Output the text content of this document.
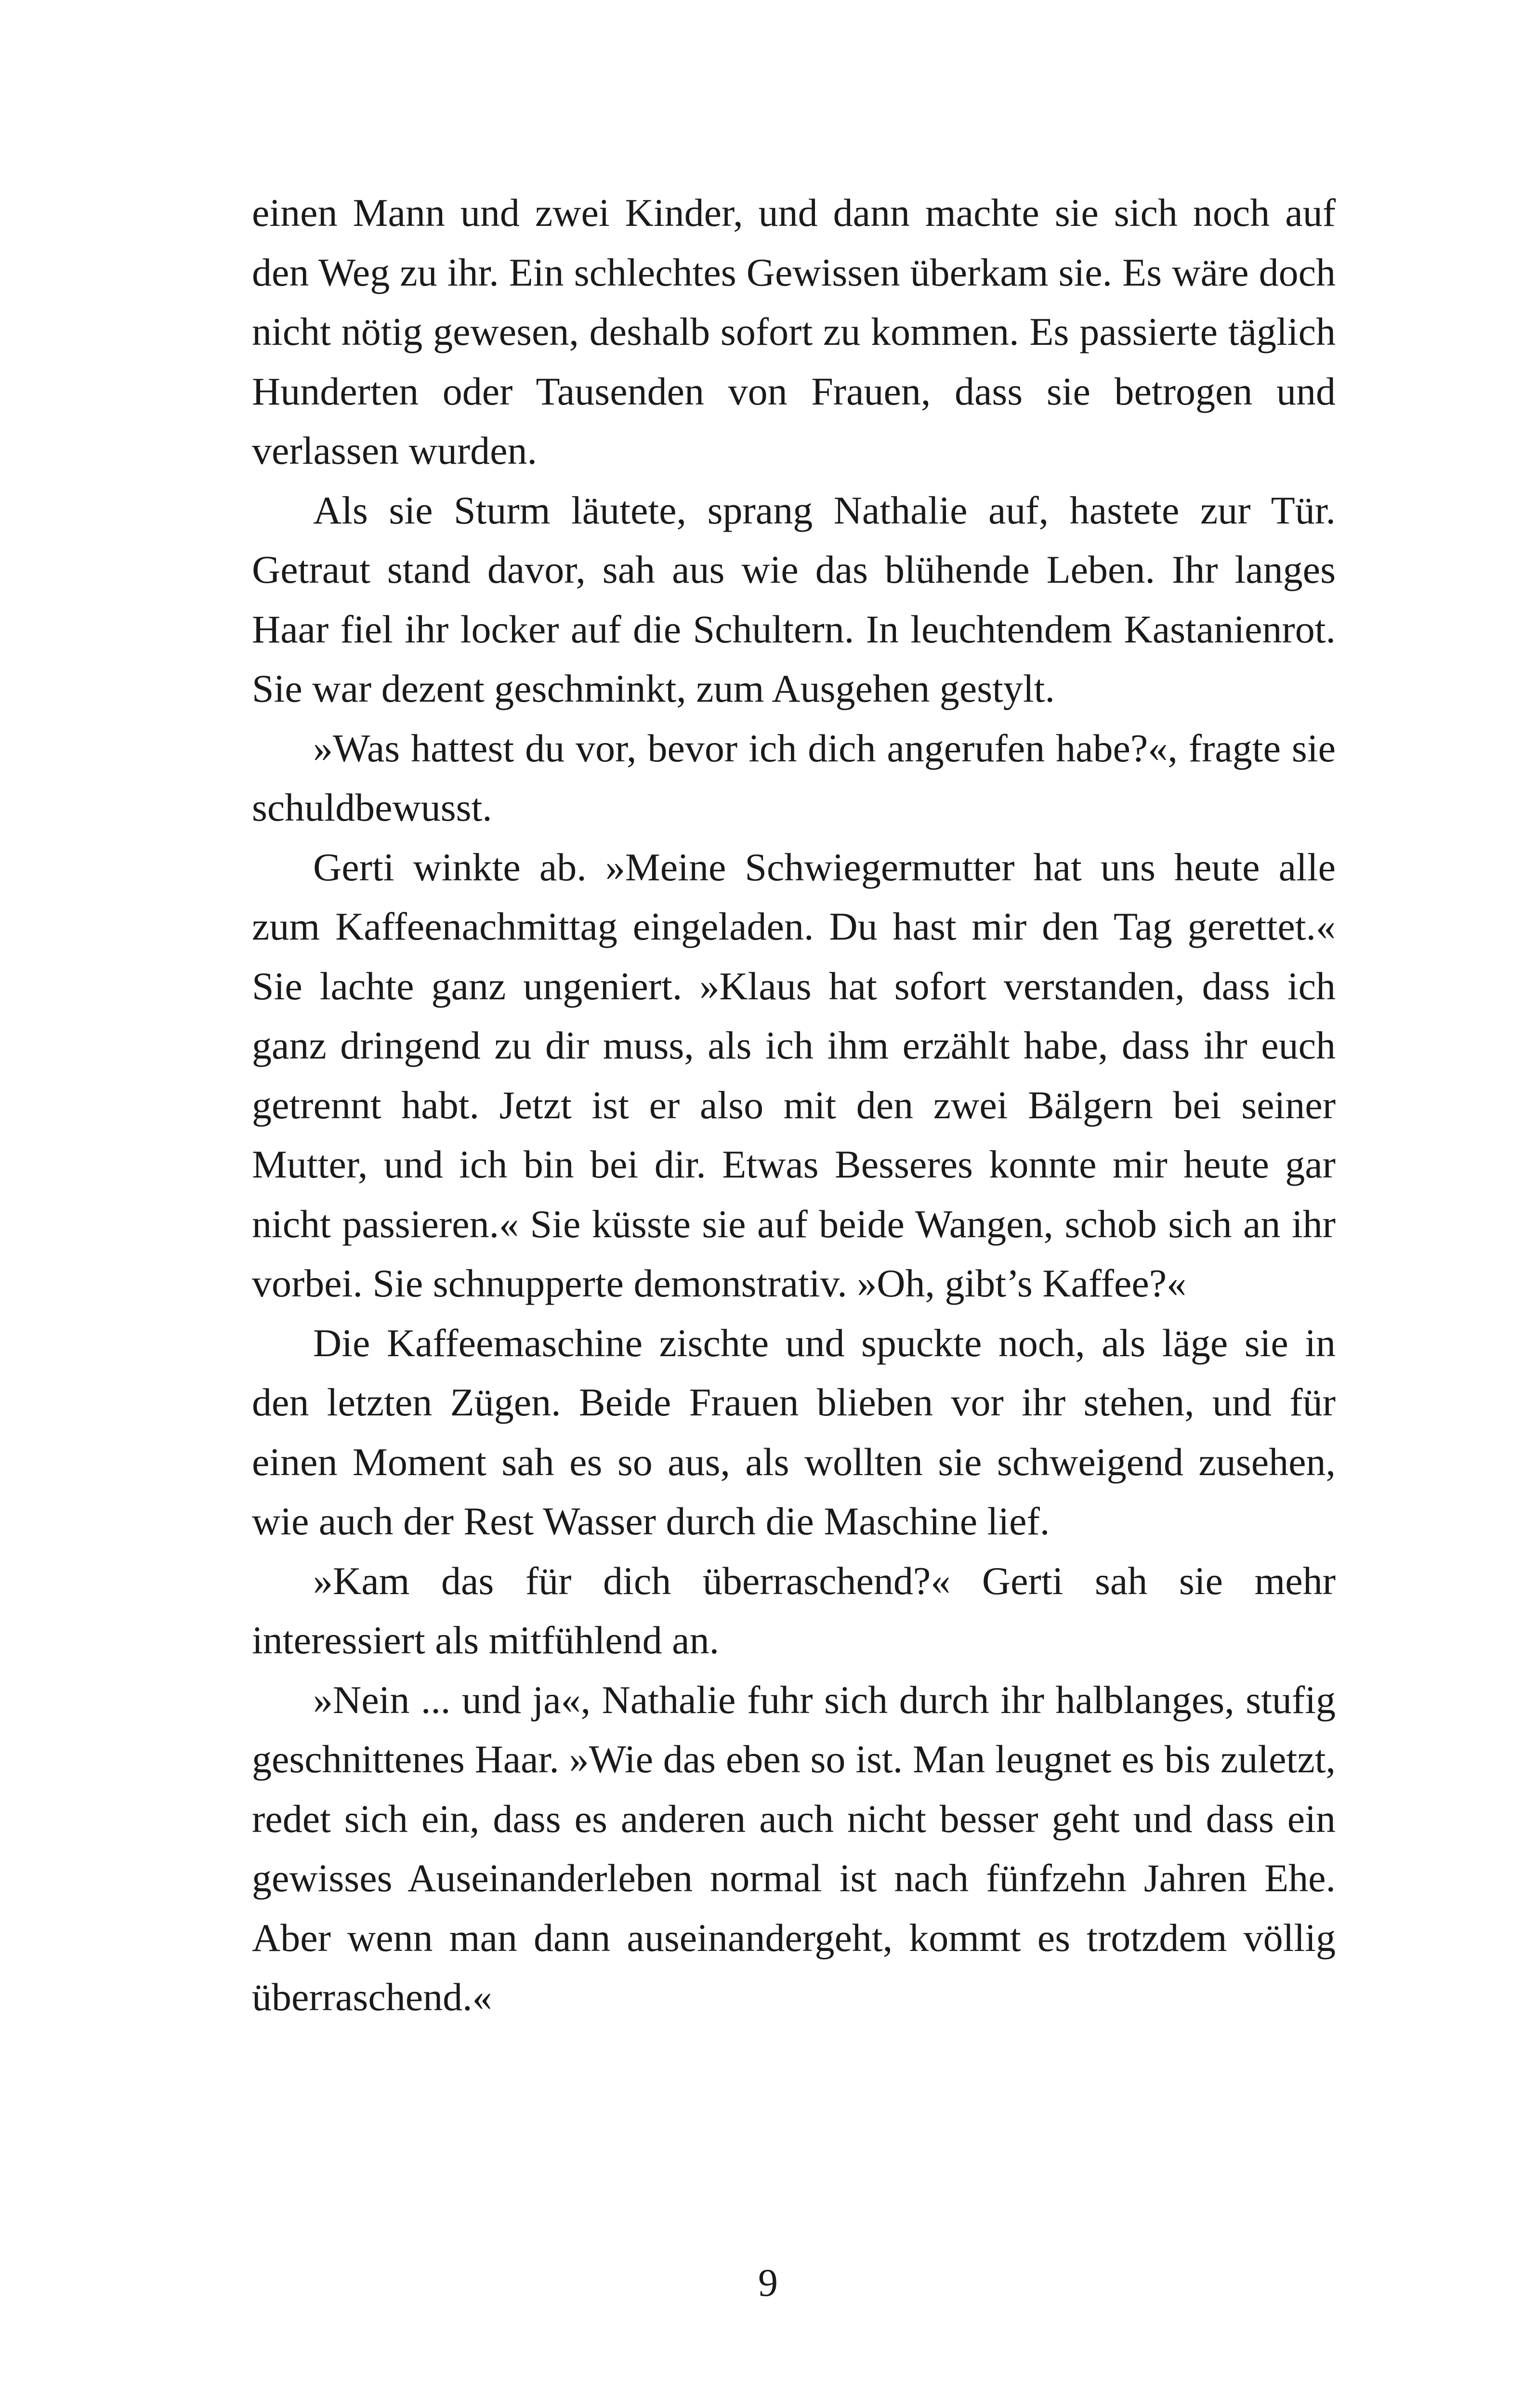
einen Mann und zwei Kinder, und dann machte sie sich noch auf den Weg zu ihr. Ein schlechtes Gewissen überkam sie. Es wäre doch nicht nötig gewesen, deshalb sofort zu kommen. Es passierte täglich Hunderten oder Tausenden von Frauen, dass sie betrogen und verlassen wurden.

Als sie Sturm läutete, sprang Nathalie auf, hastete zur Tür. Getraut stand davor, sah aus wie das blühende Leben. Ihr langes Haar fiel ihr locker auf die Schultern. In leuchtendem Kastanienrot. Sie war dezent geschminkt, zum Ausgehen gestylt.

»Was hattest du vor, bevor ich dich angerufen habe?«, fragte sie schuldbewusst.

Gerti winkte ab. »Meine Schwiegermutter hat uns heute alle zum Kaffeenachmittag eingeladen. Du hast mir den Tag gerettet.« Sie lachte ganz ungeniert. »Klaus hat sofort verstanden, dass ich ganz dringend zu dir muss, als ich ihm erzählt habe, dass ihr euch getrennt habt. Jetzt ist er also mit den zwei Bälgern bei seiner Mutter, und ich bin bei dir. Etwas Besseres konnte mir heute gar nicht passieren.« Sie küsste sie auf beide Wangen, schob sich an ihr vorbei. Sie schnupperte demonstrativ. »Oh, gibt’s Kaffee?«

Die Kaffeemaschine zischte und spuckte noch, als läge sie in den letzten Zügen. Beide Frauen blieben vor ihr stehen, und für einen Moment sah es so aus, als wollten sie schweigend zusehen, wie auch der Rest Wasser durch die Maschine lief.

»Kam das für dich überraschend?« Gerti sah sie mehr interessiert als mitfühlend an.

»Nein ... und ja«, Nathalie fuhr sich durch ihr halblanges, stufig geschnittenes Haar. »Wie das eben so ist. Man leugnet es bis zuletzt, redet sich ein, dass es anderen auch nicht besser geht und dass ein gewisses Auseinanderleben normal ist nach fünfzehn Jahren Ehe. Aber wenn man dann auseinandergeht, kommt es trotzdem völlig überraschend.«

9
